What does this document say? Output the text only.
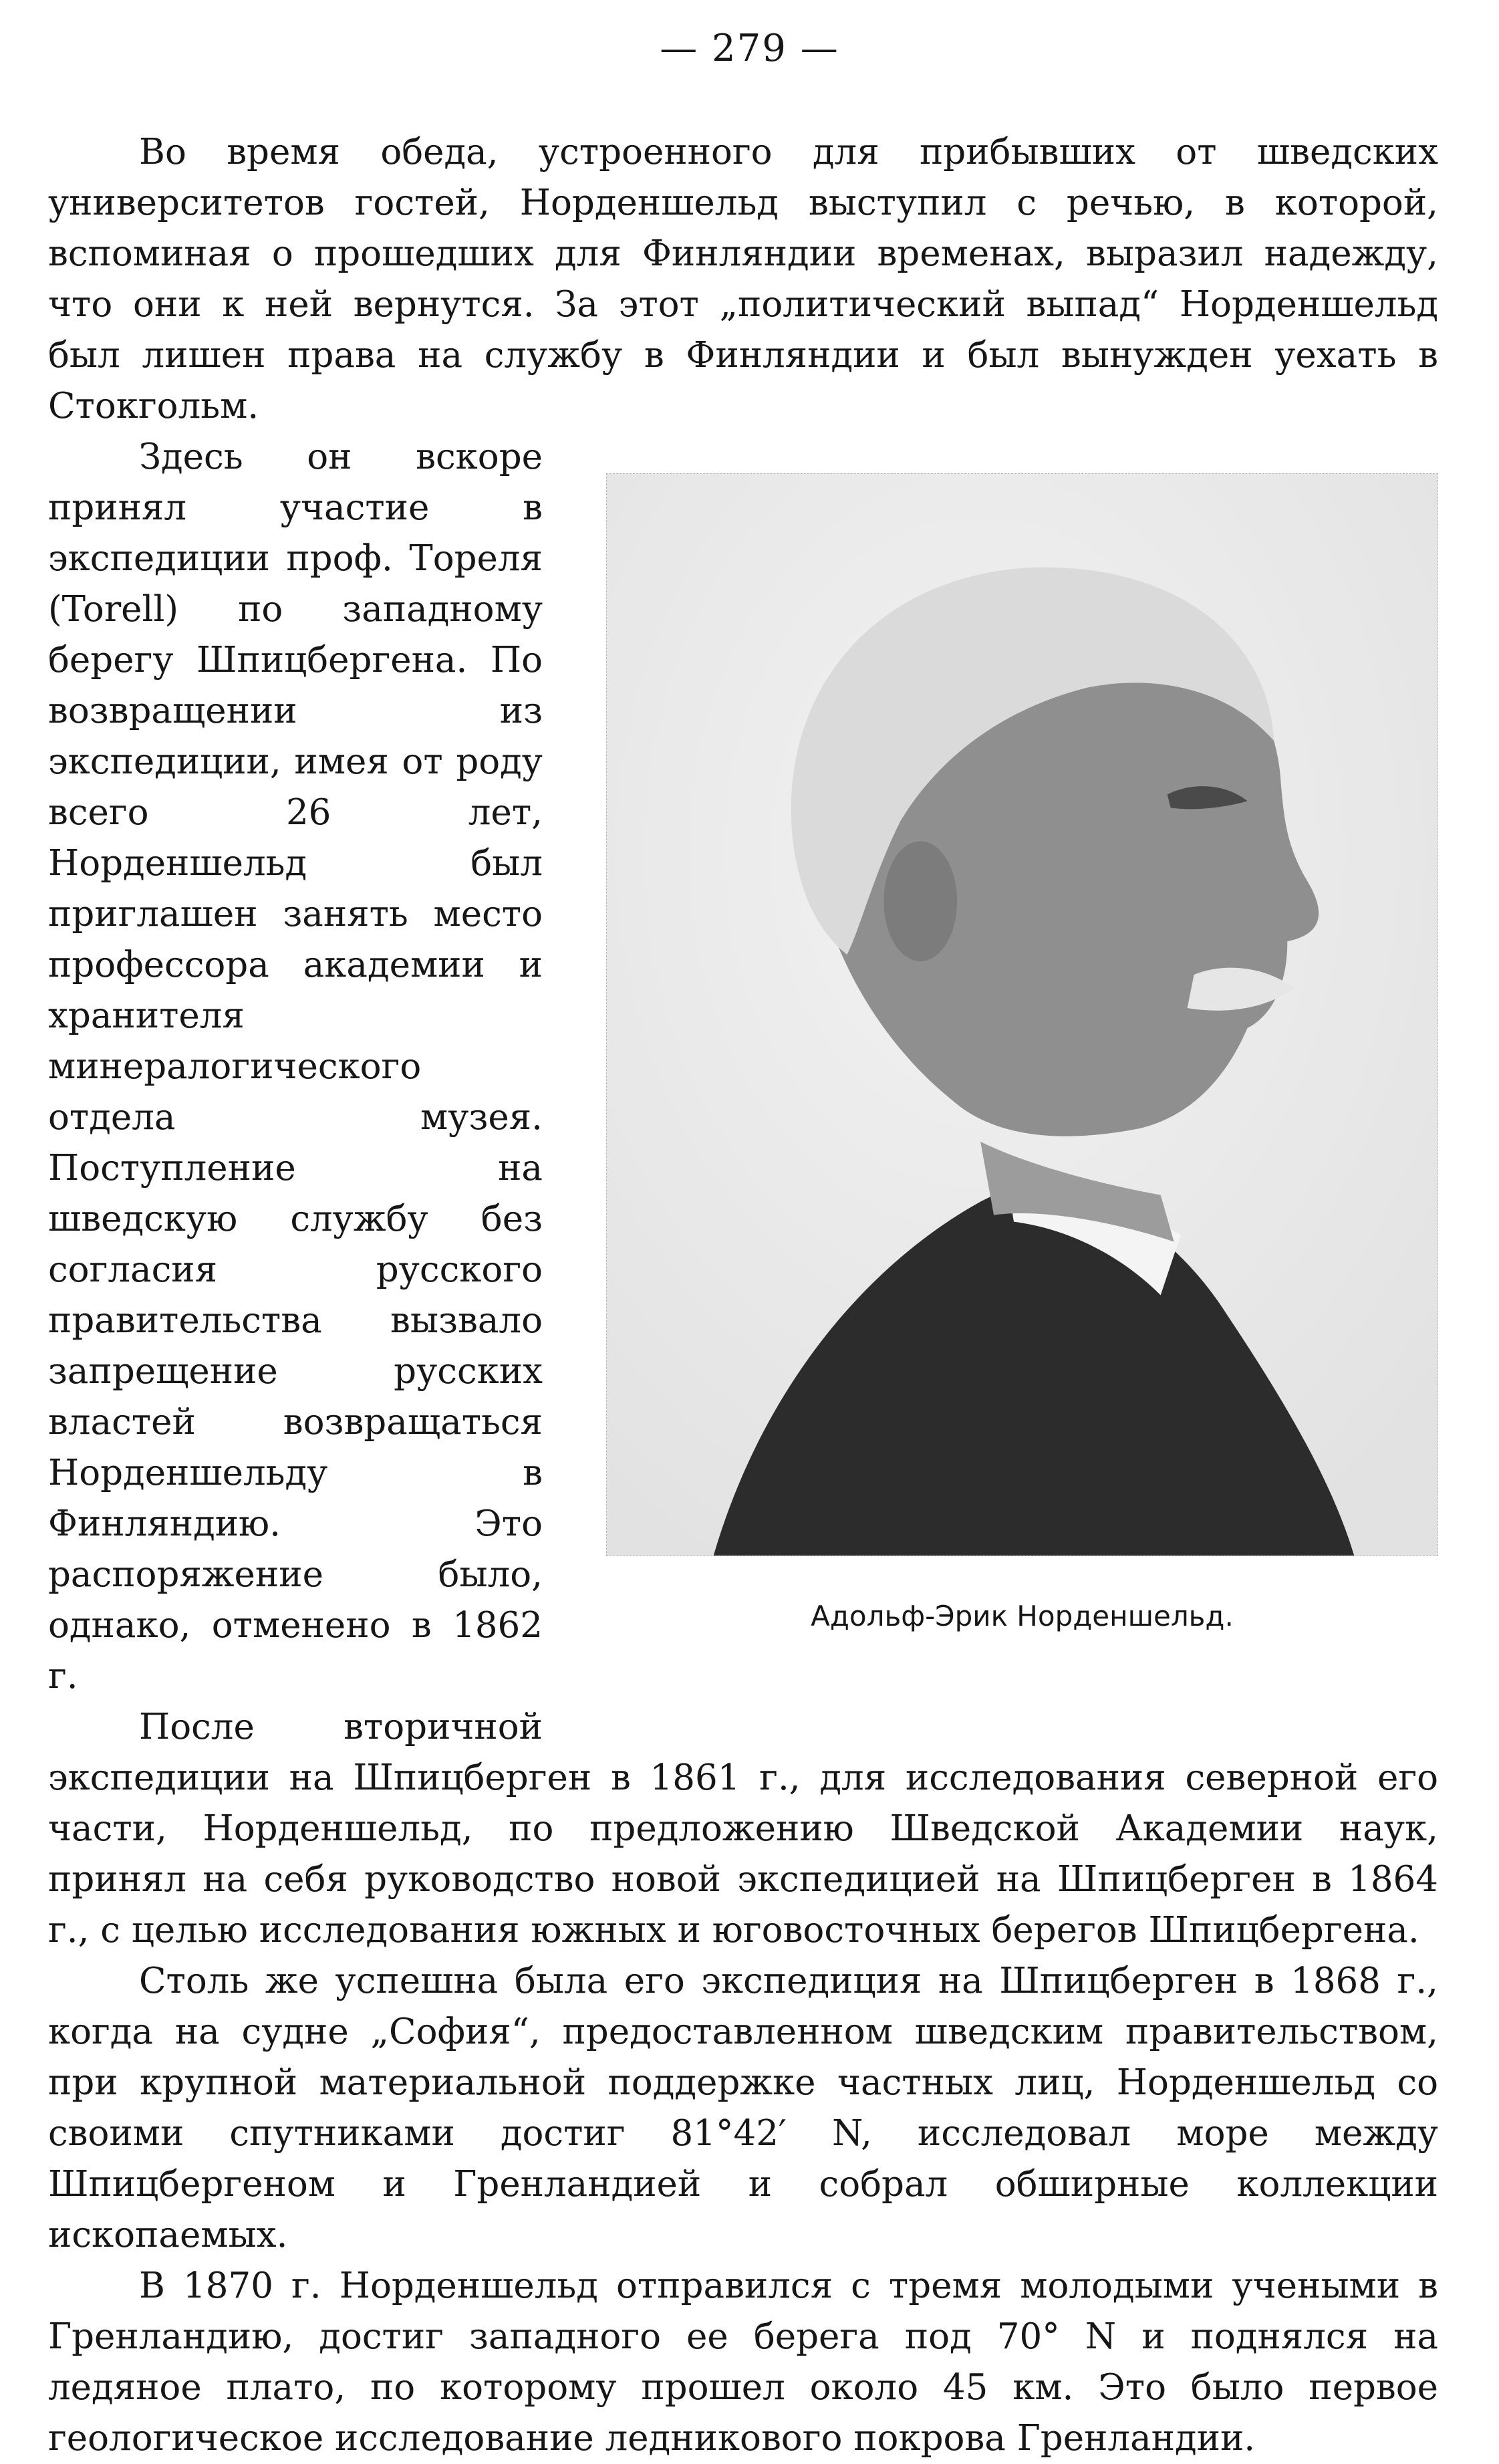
— 279 —

Во время обеда, устроенного для прибывших от шведских университетов гостей, Норденшельд выступил с речью, в которой, вспоминая о прошедших для Финляндии временах, выразил надежду, что они к ней вернутся. За этот „политический выпад“ Норденшельд был лишен права на службу в Финляндии и был вынужден уехать в Стокгольм.

Адольф-Эрик Норденшельд.

Здесь он вскоре принял участие в экспедиции проф. Тореля (Torell) по западному берегу Шпицбергена. По возвращении из экспедиции, имея от роду всего 26 лет, Норденшельд был приглашен занять место профессора академии и хранителя минералогического отдела музея. Поступление на шведскую службу без согласия русского правительства вызвало запрещение русских властей возвращаться Норденшельду в Финляндию. Это распоряжение было, однако, отменено в 1862 г.

После вторичной экспедиции на Шпицберген в 1861 г., для исследования северной его части, Норденшельд, по предложению Шведской Академии наук, принял на себя руководство новой экспедицией на Шпицберген в 1864 г., с целью исследования южных и юговосточных берегов Шпицбергена.

Столь же успешна была его экспедиция на Шпицберген в 1868 г., когда на судне „София“, предоставленном шведским правительством, при крупной материальной поддержке частных лиц, Норденшельд со своими спутниками достиг 81°42′ N, исследовал море между Шпицбергеном и Гренландией и собрал обширные коллекции ископаемых.

В 1870 г. Норденшельд отправился с тремя молодыми учеными в Гренландию, достиг западного ее берега под 70° N и поднялся на ледяное плато, по которому прошел около 45 км. Это было первое геологическое исследование ледникового покрова Гренландии.
